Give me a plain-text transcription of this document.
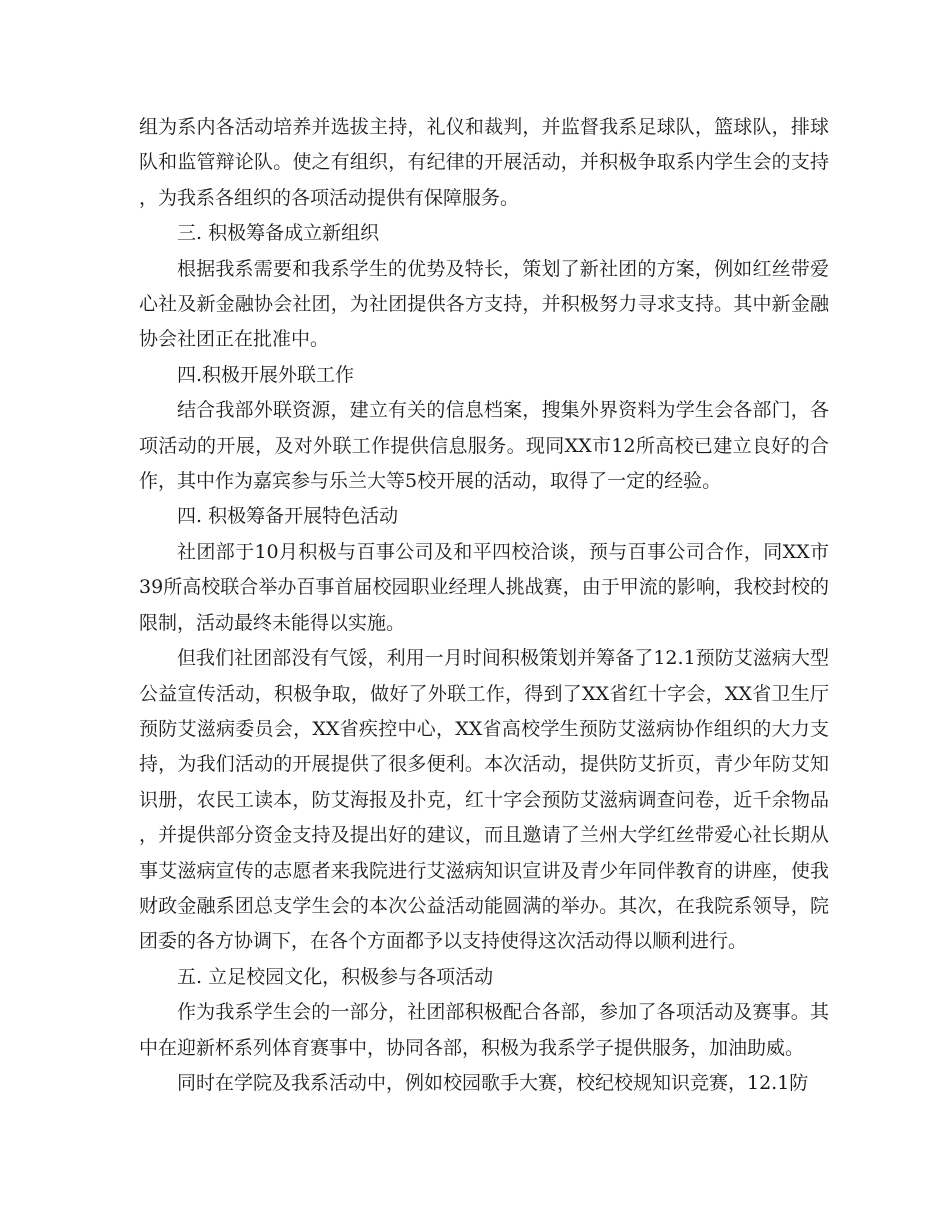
组为系内各活动培养并选拔主持，礼仪和裁判，并监督我系足球队，篮球队，排球队和监管辩论队。使之有组织，有纪律的开展活动，并积极争取系内学生会的支持，为我系各组织的各项活动提供有保障服务。

三. 积极筹备成立新组织

根据我系需要和我系学生的优势及特长，策划了新社团的方案，例如红丝带爱心社及新金融协会社团，为社团提供各方支持，并积极努力寻求支持。其中新金融协会社团正在批准中。

四.积极开展外联工作

结合我部外联资源，建立有关的信息档案，搜集外界资料为学生会各部门，各项活动的开展，及对外联工作提供信息服务。现同XX市12所高校已建立良好的合作，其中作为嘉宾参与乐兰大等5校开展的活动，取得了一定的经验。

四. 积极筹备开展特色活动

社团部于10月积极与百事公司及和平四校洽谈，预与百事公司合作，同XX市39所高校联合举办百事首届校园职业经理人挑战赛，由于甲流的影响，我校封校的限制，活动最终未能得以实施。

但我们社团部没有气馁，利用一月时间积极策划并筹备了12.1预防艾滋病大型公益宣传活动，积极争取，做好了外联工作，得到了XX省红十字会，XX省卫生厅预防艾滋病委员会，XX省疾控中心，XX省高校学生预防艾滋病协作组织的大力支持，为我们活动的开展提供了很多便利。本次活动，提供防艾折页，青少年防艾知识册，农民工读本，防艾海报及扑克，红十字会预防艾滋病调查问卷，近千余物品，并提供部分资金支持及提出好的建议，而且邀请了兰州大学红丝带爱心社长期从事艾滋病宣传的志愿者来我院进行艾滋病知识宣讲及青少年同伴教育的讲座，使我财政金融系团总支学生会的本次公益活动能圆满的举办。其次，在我院系领导，院团委的各方协调下，在各个方面都予以支持使得这次活动得以顺利进行。

五. 立足校园文化，积极参与各项活动

作为我系学生会的一部分，社团部积极配合各部，参加了各项活动及赛事。其中在迎新杯系列体育赛事中，协同各部，积极为我系学子提供服务，加油助威。

同时在学院及我系活动中，例如校园歌手大赛，校纪校规知识竞赛，12.1防
